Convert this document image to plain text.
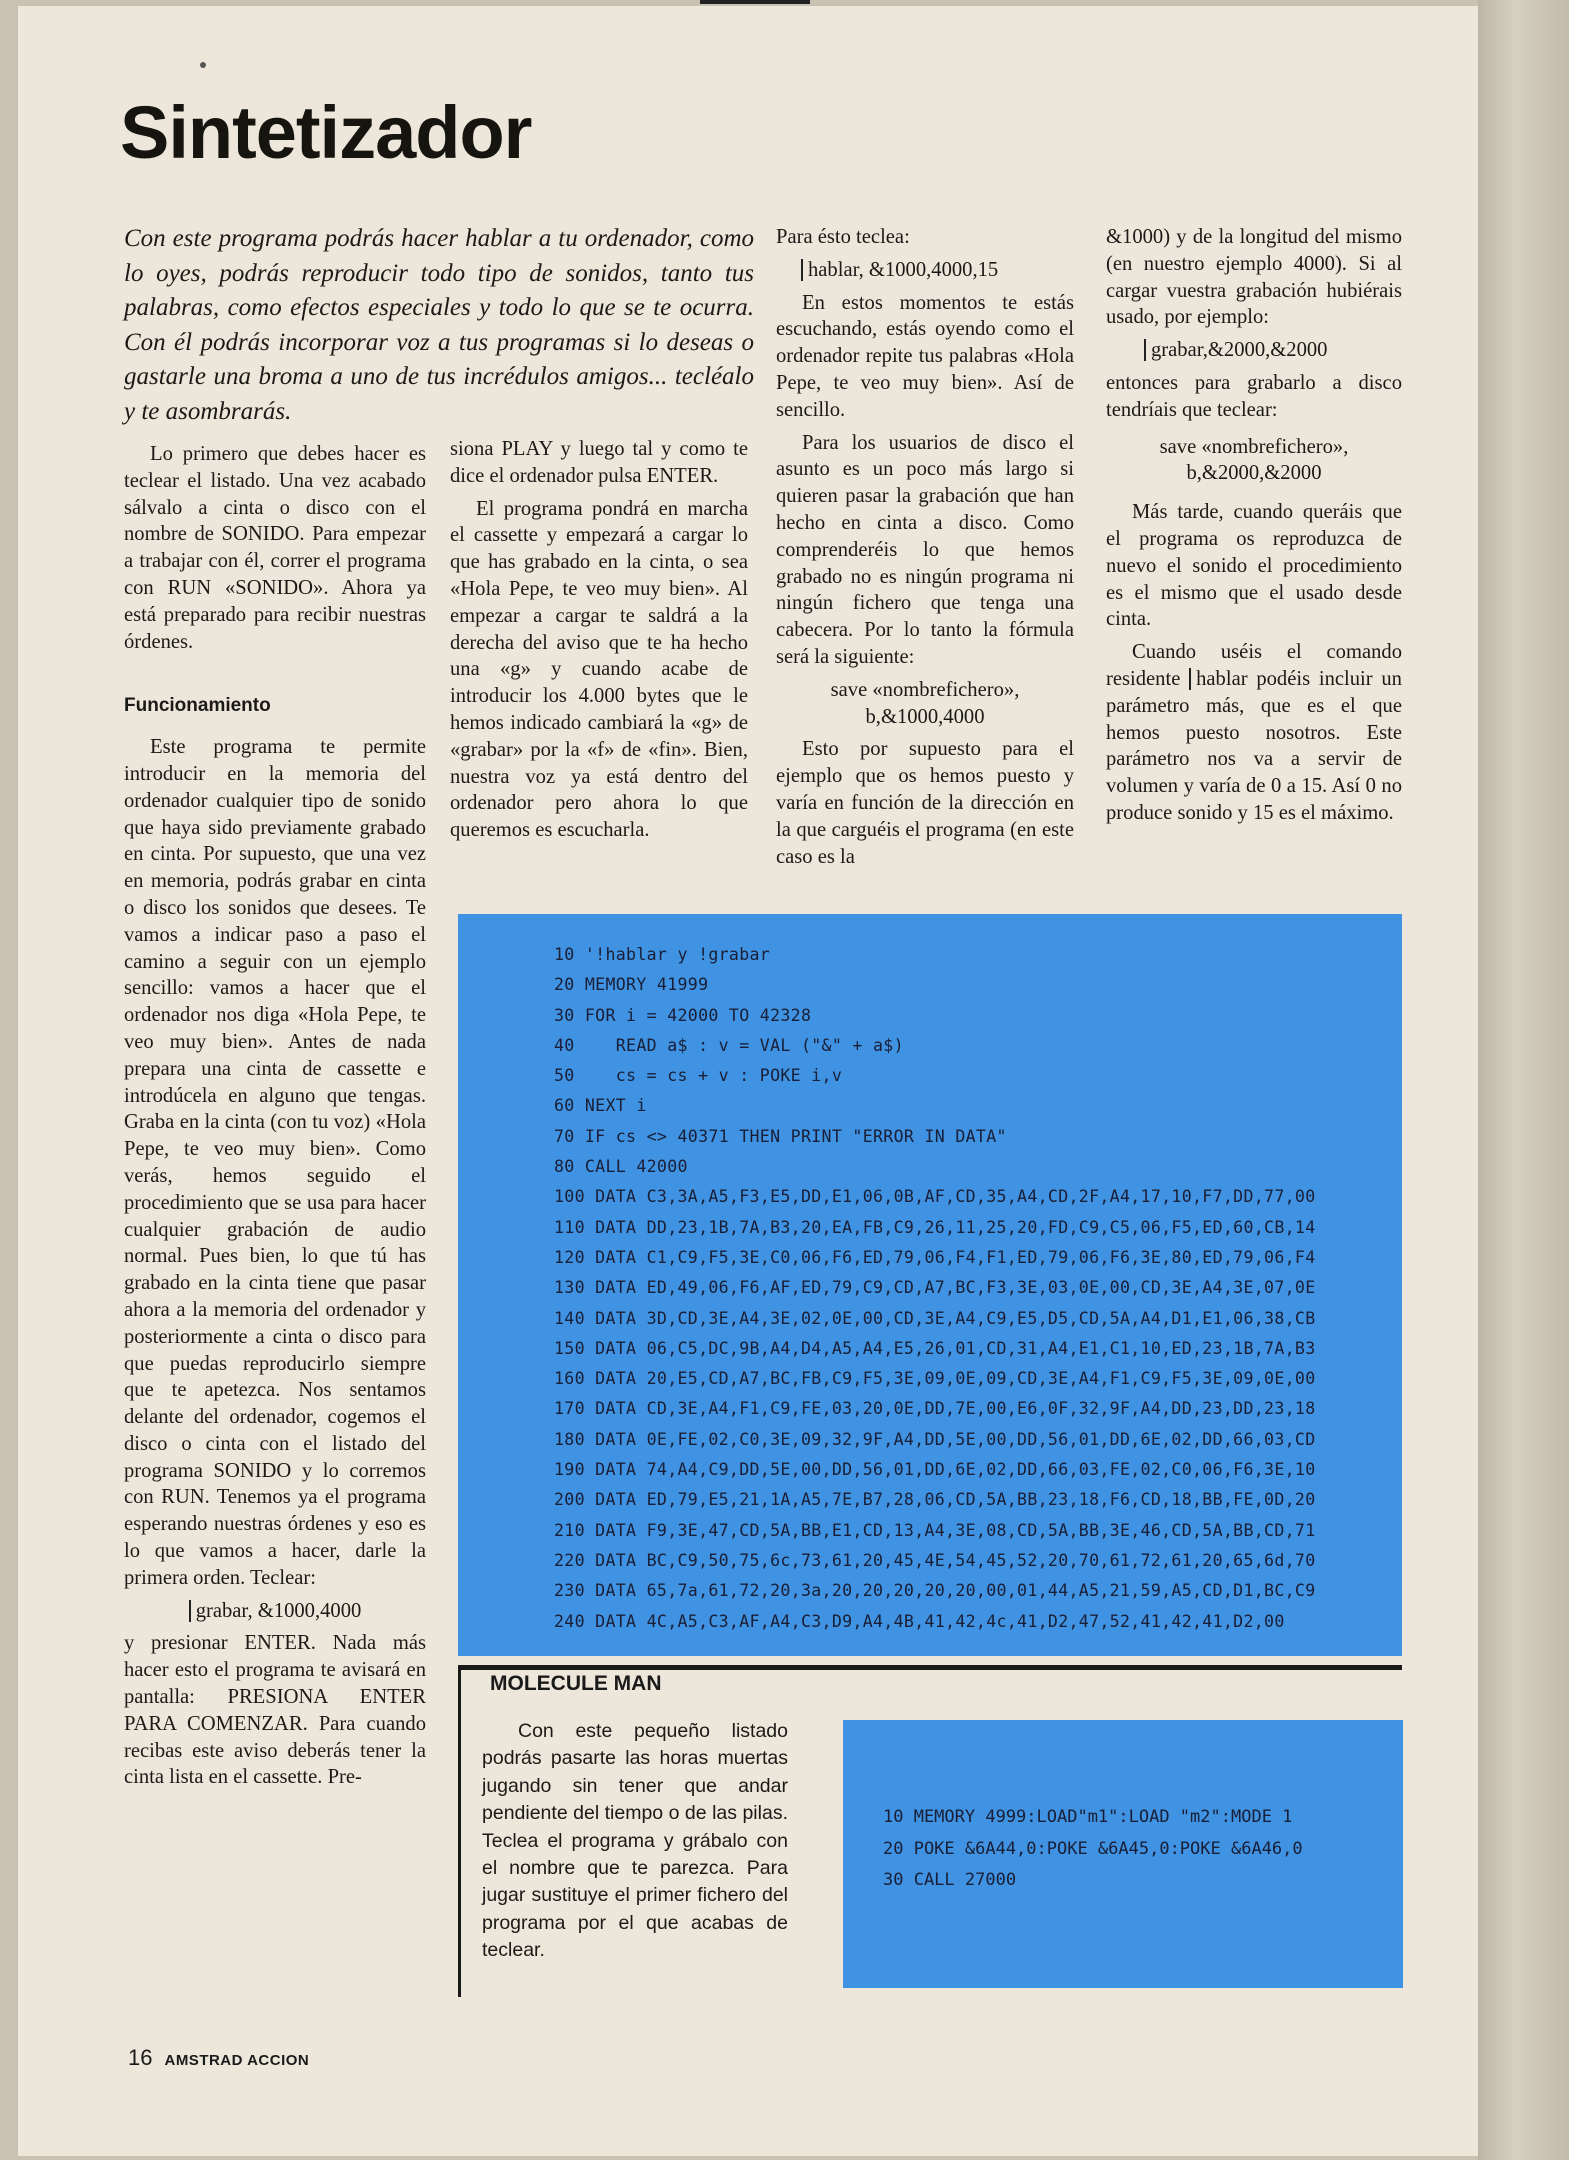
Sintetizador

Con este programa podrás hacer hablar a tu ordenador, como lo oyes, podrás reproducir todo tipo de sonidos, tanto tus palabras, como efectos especiales y todo lo que se te ocurra. Con él podrás incorporar voz a tus programas si lo deseas o gastarle una broma a uno de tus incrédulos amigos... tecléalo y te asombrarás.

Lo primero que debes hacer es teclear el listado. Una vez acabado sálvalo a cinta o disco con el nombre de SONIDO. Para empezar a trabajar con él, correr el programa con RUN «SONIDO». Ahora ya está preparado para recibir nuestras órdenes.

Funcionamiento

Este programa te permite introducir en la memoria del ordenador cualquier tipo de sonido que haya sido previamente grabado en cinta. Por supuesto, que una vez en memoria, podrás grabar en cinta o disco los sonidos que desees. Te vamos a indicar paso a paso el camino a seguir con un ejemplo sencillo: vamos a hacer que el ordenador nos diga «Hola Pepe, te veo muy bien». Antes de nada prepara una cinta de cassette e introdúcela en alguno que tengas. Graba en la cinta (con tu voz) «Hola Pepe, te veo muy bien». Como verás, hemos seguido el procedimiento que se usa para hacer cualquier grabación de audio normal. Pues bien, lo que tú has grabado en la cinta tiene que pasar ahora a la memoria del ordenador y posteriormente a cinta o disco para que puedas reproducirlo siempre que te apetezca. Nos sentamos delante del ordenador, cogemos el disco o cinta con el listado del programa SONIDO y lo corremos con RUN. Tenemos ya el programa esperando nuestras órdenes y eso es lo que vamos a hacer, darle la primera orden. Teclear:

grabar, &1000,4000

y presionar ENTER. Nada más hacer esto el programa te avisará en pantalla: PRESIONA ENTER PARA COMENZAR. Para cuando recibas este aviso deberás tener la cinta lista en el cassette. Pre-

siona PLAY y luego tal y como te dice el ordenador pulsa ENTER.

El programa pondrá en marcha el cassette y empezará a cargar lo que has grabado en la cinta, o sea «Hola Pepe, te veo muy bien». Al empezar a cargar te saldrá a la derecha del aviso que te ha hecho una «g» y cuando acabe de introducir los 4.000 bytes que le hemos indicado cambiará la «g» de «grabar» por la «f» de «fin». Bien, nuestra voz ya está dentro del ordenador pero ahora lo que queremos es escucharla.

Para ésto teclea:

hablar, &1000,4000,15

En estos momentos te estás escuchando, estás oyendo como el ordenador repite tus palabras «Hola Pepe, te veo muy bien». Así de sencillo.

Para los usuarios de disco el asunto es un poco más largo si quieren pasar la grabación que han hecho en cinta a disco. Como comprenderéis lo que hemos grabado no es ningún programa ni ningún fichero que tenga una cabecera. Por lo tanto la fórmula será la siguiente:

save «nombrefichero»,

b,&1000,4000

Esto por supuesto para el ejemplo que os hemos puesto y varía en función de la dirección en la que carguéis el programa (en este caso es la

&1000) y de la longitud del mismo (en nuestro ejemplo 4000). Si al cargar vuestra grabación hubiérais usado, por ejemplo:

grabar,&2000,&2000

entonces para grabarlo a disco tendríais que teclear:

save «nombrefichero»,

b,&2000,&2000

Más tarde, cuando queráis que el programa os reproduzca de nuevo el sonido el procedimiento es el mismo que el usado desde cinta.

Cuando uséis el comando residente hablar podéis incluir un parámetro más, que es el que hemos puesto nosotros. Este parámetro nos va a servir de volumen y varía de 0 a 15. Así 0 no produce sonido y 15 es el máximo.

10 '!hablar y !grabar
20 MEMORY 41999
30 FOR i = 42000 TO 42328
40    READ a$ : v = VAL ("&" + a$)
50    cs = cs + v : POKE i,v
60 NEXT i
70 IF cs <> 40371 THEN PRINT "ERROR IN DATA"
80 CALL 42000
100 DATA C3,3A,A5,F3,E5,DD,E1,06,0B,AF,CD,35,A4,CD,2F,A4,17,10,F7,DD,77,00
110 DATA DD,23,1B,7A,B3,20,EA,FB,C9,26,11,25,20,FD,C9,C5,06,F5,ED,60,CB,14
120 DATA C1,C9,F5,3E,C0,06,F6,ED,79,06,F4,F1,ED,79,06,F6,3E,80,ED,79,06,F4
130 DATA ED,49,06,F6,AF,ED,79,C9,CD,A7,BC,F3,3E,03,0E,00,CD,3E,A4,3E,07,0E
140 DATA 3D,CD,3E,A4,3E,02,0E,00,CD,3E,A4,C9,E5,D5,CD,5A,A4,D1,E1,06,38,CB
150 DATA 06,C5,DC,9B,A4,D4,A5,A4,E5,26,01,CD,31,A4,E1,C1,10,ED,23,1B,7A,B3
160 DATA 20,E5,CD,A7,BC,FB,C9,F5,3E,09,0E,09,CD,3E,A4,F1,C9,F5,3E,09,0E,00
170 DATA CD,3E,A4,F1,C9,FE,03,20,0E,DD,7E,00,E6,0F,32,9F,A4,DD,23,DD,23,18
180 DATA 0E,FE,02,C0,3E,09,32,9F,A4,DD,5E,00,DD,56,01,DD,6E,02,DD,66,03,CD
190 DATA 74,A4,C9,DD,5E,00,DD,56,01,DD,6E,02,DD,66,03,FE,02,C0,06,F6,3E,10
200 DATA ED,79,E5,21,1A,A5,7E,B7,28,06,CD,5A,BB,23,18,F6,CD,18,BB,FE,0D,20
210 DATA F9,3E,47,CD,5A,BB,E1,CD,13,A4,3E,08,CD,5A,BB,3E,46,CD,5A,BB,CD,71
220 DATA BC,C9,50,75,6c,73,61,20,45,4E,54,45,52,20,70,61,72,61,20,65,6d,70
230 DATA 65,7a,61,72,20,3a,20,20,20,20,20,00,01,44,A5,21,59,A5,CD,D1,BC,C9
240 DATA 4C,A5,C3,AF,A4,C3,D9,A4,4B,41,42,4c,41,D2,47,52,41,42,41,D2,00
MOLECULE MAN

Con este pequeño listado podrás pasarte las horas muertas jugando sin tener que andar pendiente del tiempo o de las pilas. Teclea el programa y grábalo con el nombre que te parezca. Para jugar sustituye el primer fichero del programa por el que acabas de teclear.

10 MEMORY 4999:LOAD"m1":LOAD "m2":MODE 1
20 POKE &6A44,0:POKE &6A45,0:POKE &6A46,0
30 CALL 27000
16 AMSTRAD ACCION
